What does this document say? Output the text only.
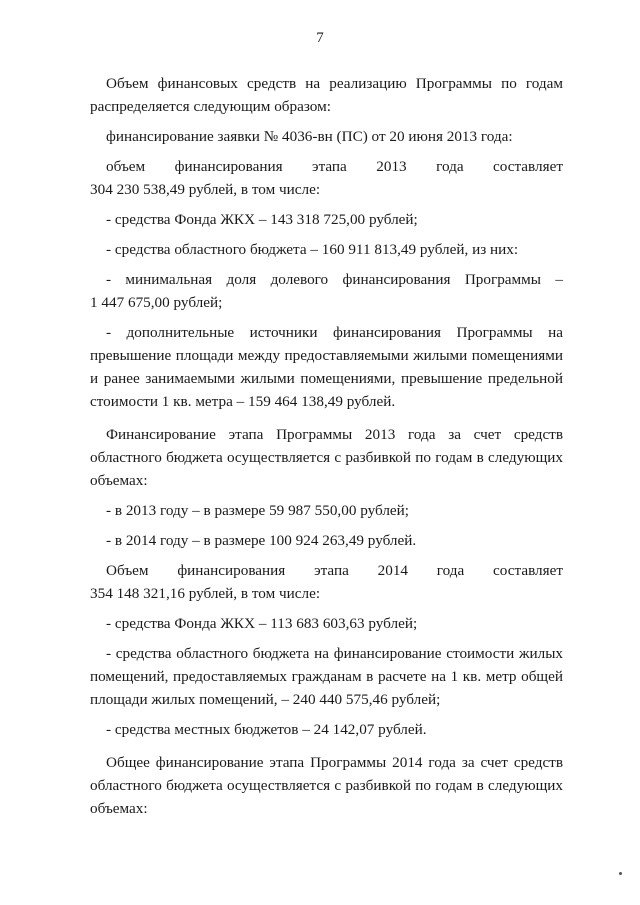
7

Объем финансовых средств на реализацию Программы по годам распределяется следующим образом:

финансирование заявки № 4036-вн (ПС) от 20 июня 2013 года:

объем финансирования этапа 2013 года составляет

304 230 538,49 рублей, в том числе:

- средства Фонда ЖКХ – 143 318 725,00 рублей;

- средства областного бюджета – 160 911 813,49 рублей, из них:

- минимальная доля долевого финансирования Программы –

1 447 675,00 рублей;

- дополнительные источники финансирования Программы на превышение площади между предоставляемыми жилыми помещениями и ранее занимаемыми жилыми помещениями, превышение предельной стоимости 1 кв. метра – 159 464 138,49 рублей.

Финансирование этапа Программы 2013 года за счет средств областного бюджета осуществляется с разбивкой по годам в следующих объемах:

- в 2013 году – в размере 59 987 550,00 рублей;

- в 2014 году – в размере 100 924 263,49 рублей.

Объем финансирования этапа 2014 года составляет

354 148 321,16 рублей, в том числе:

- средства Фонда ЖКХ – 113 683 603,63 рублей;

- средства областного бюджета на финансирование стоимости жилых помещений, предоставляемых гражданам в расчете на 1 кв. метр общей площади жилых помещений, – 240 440 575,46 рублей;

- средства местных бюджетов – 24 142,07 рублей.

Общее финансирование этапа Программы 2014 года за счет средств областного бюджета осуществляется с разбивкой по годам в следующих объемах:
